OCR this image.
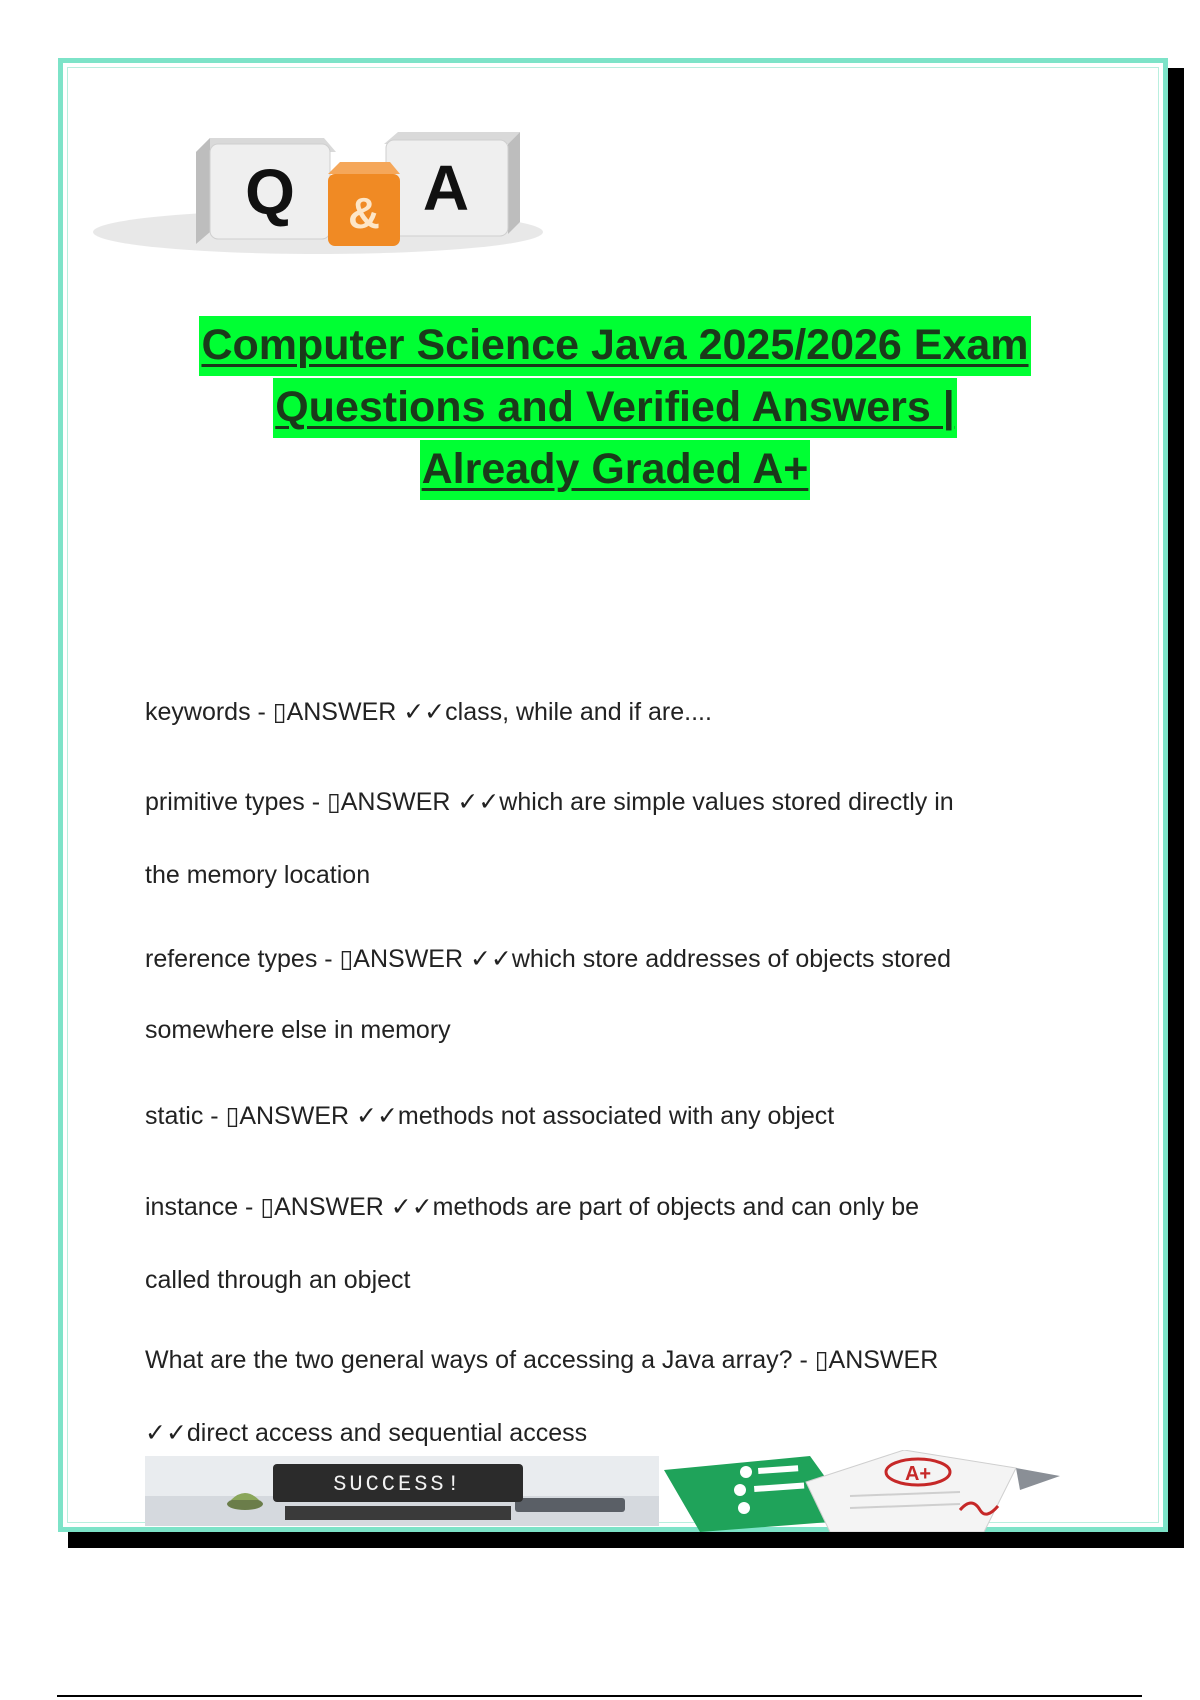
Q A
&
Computer Science Java 2025/2026 Exam
Questions and Verified Answers |
Already Graded A+
keywords - ▯ANSWER ✓✓class, while and if are....
primitive types - ▯ANSWER ✓✓which are simple values stored directly in
the memory location
reference types - ▯ANSWER ✓✓which store addresses of objects stored
somewhere else in memory
static - ▯ANSWER ✓✓methods not associated with any object
instance - ▯ANSWER ✓✓methods are part of objects and can only be
called through an object
What are the two general ways of accessing a Java array? - ▯ANSWER
✓✓direct access and sequential access
SUCCESS!	A+
